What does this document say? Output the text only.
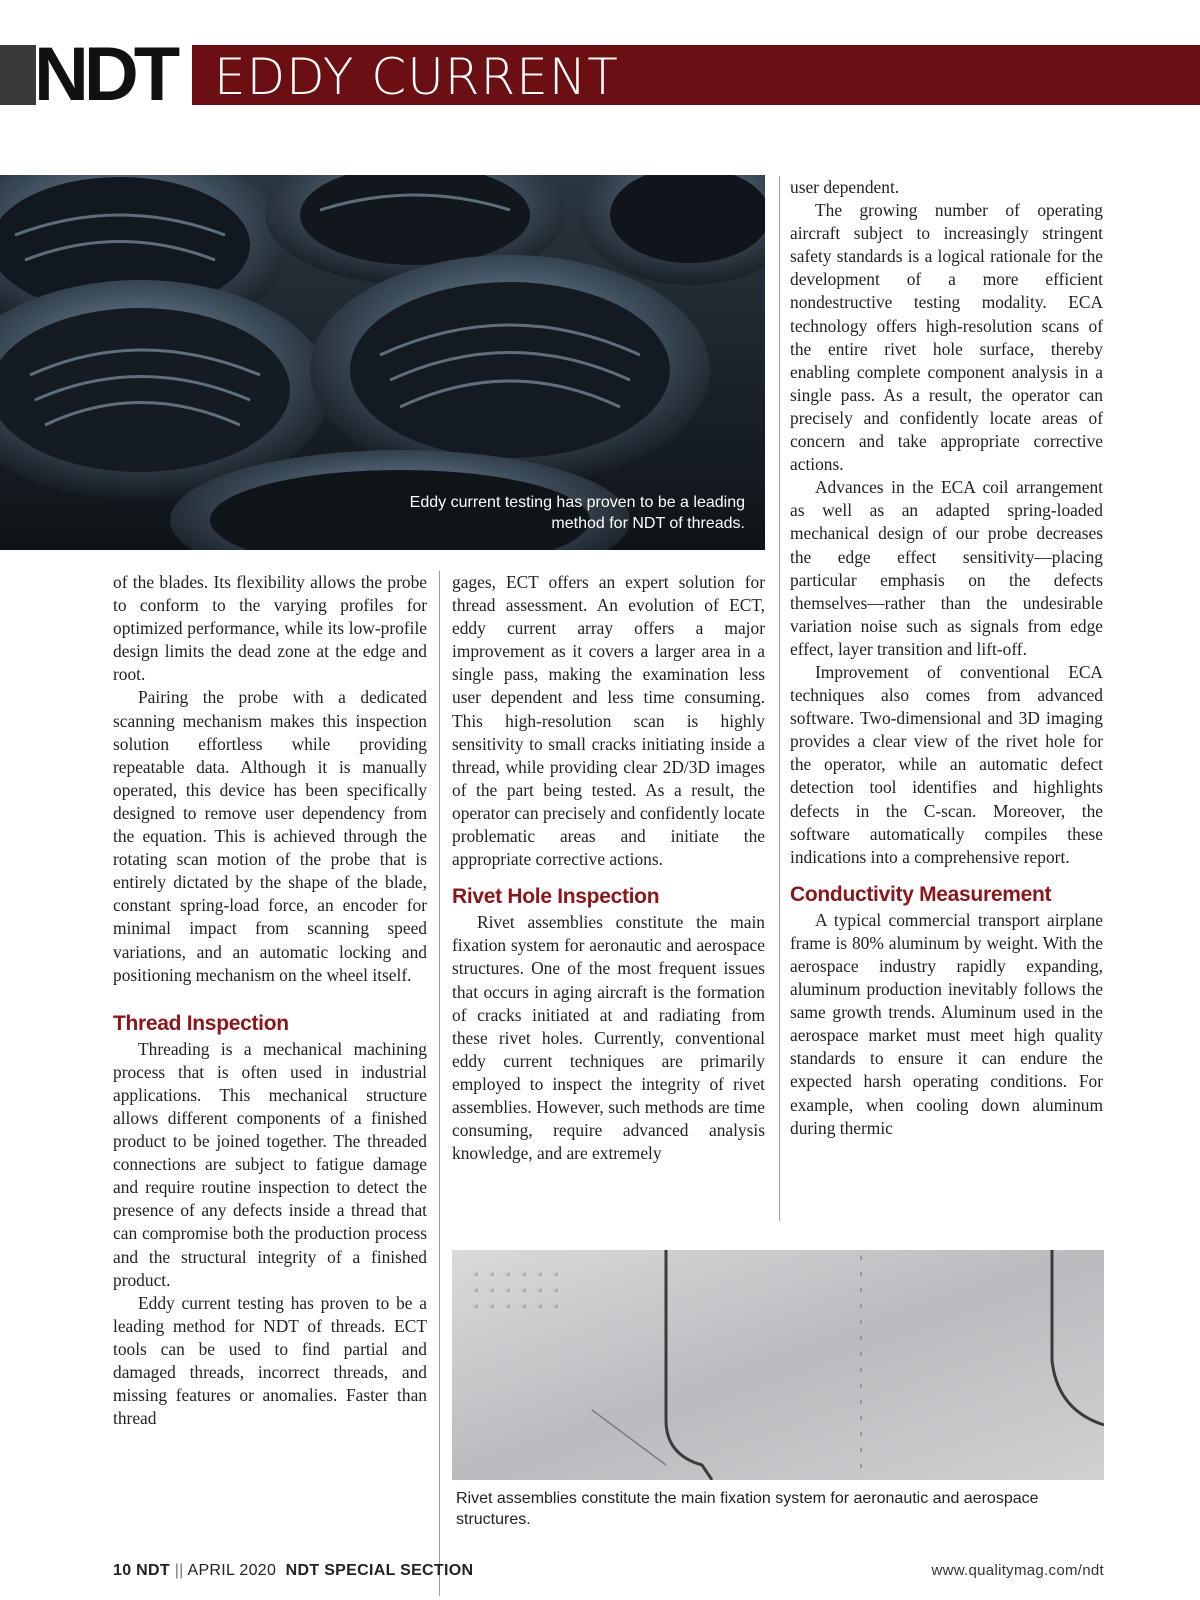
NDT EDDY CURRENT
Eddy current testing has proven to be a leading method for NDT of threads.

of the blades. Its flexibility allows the probe to conform to the varying profiles for optimized performance, while its low-profile design limits the dead zone at the edge and root.

Pairing the probe with a dedicated scanning mechanism makes this inspection solution effortless while providing repeatable data. Although it is manually operated, this device has been specifically designed to remove user dependency from the equation. This is achieved through the rotating scan motion of the probe that is entirely dictated by the shape of the blade, constant spring-load force, an encoder for minimal impact from scanning speed variations, and an automatic locking and positioning mechanism on the wheel itself.

Thread Inspection

Threading is a mechanical machining process that is often used in industrial applications. This mechanical structure allows different components of a finished product to be joined together. The threaded connections are subject to fatigue damage and require routine inspection to detect the presence of any defects inside a thread that can compromise both the production process and the structural integrity of a finished product.

Eddy current testing has proven to be a leading method for NDT of threads. ECT tools can be used to find partial and damaged threads, incorrect threads, and missing features or anomalies. Faster than thread

gages, ECT offers an expert solution for thread assessment. An evolution of ECT, eddy current array offers a major improvement as it covers a larger area in a single pass, making the examination less user dependent and less time consuming. This high-resolution scan is highly sensitivity to small cracks initiating inside a thread, while providing clear 2D/3D images of the part being tested. As a result, the operator can precisely and confidently locate problematic areas and initiate the appropriate corrective actions.

Rivet Hole Inspection

Rivet assemblies constitute the main fixation system for aeronautic and aerospace structures. One of the most frequent issues that occurs in aging aircraft is the formation of cracks initiated at and radiating from these rivet holes. Currently, conventional eddy current techniques are primarily employed to inspect the integrity of rivet assemblies. However, such methods are time consuming, require advanced analysis knowledge, and are extremely

user dependent.

The growing number of operating aircraft subject to increasingly stringent safety standards is a logical rationale for the development of a more efficient nondestructive testing modality. ECA technology offers high-resolution scans of the entire rivet hole surface, thereby enabling complete component analysis in a single pass. As a result, the operator can precisely and confidently locate areas of concern and take appropriate corrective actions.

Advances in the ECA coil arrangement as well as an adapted spring-loaded mechanical design of our probe decreases the edge effect sensitivity—placing particular emphasis on the defects themselves—rather than the undesirable variation noise such as signals from edge effect, layer transition and lift-off.

Improvement of conventional ECA techniques also comes from advanced software. Two-dimensional and 3D imaging provides a clear view of the rivet hole for the operator, while an automatic defect detection tool identifies and highlights defects in the C-scan. Moreover, the software automatically compiles these indications into a comprehensive report.

Conductivity Measurement

A typical commercial transport airplane frame is 80% aluminum by weight. With the aerospace industry rapidly expanding, aluminum production inevitably follows the same growth trends. Aluminum used in the aerospace market must meet high quality standards to ensure it can endure the expected harsh operating conditions. For example, when cooling down aluminum during thermic

Rivet assemblies constitute the main fixation system for aeronautic and aerospace structures.
10 NDT || APRIL 2020 NDT SPECIAL SECTION	www.qualitymag.com/ndt
